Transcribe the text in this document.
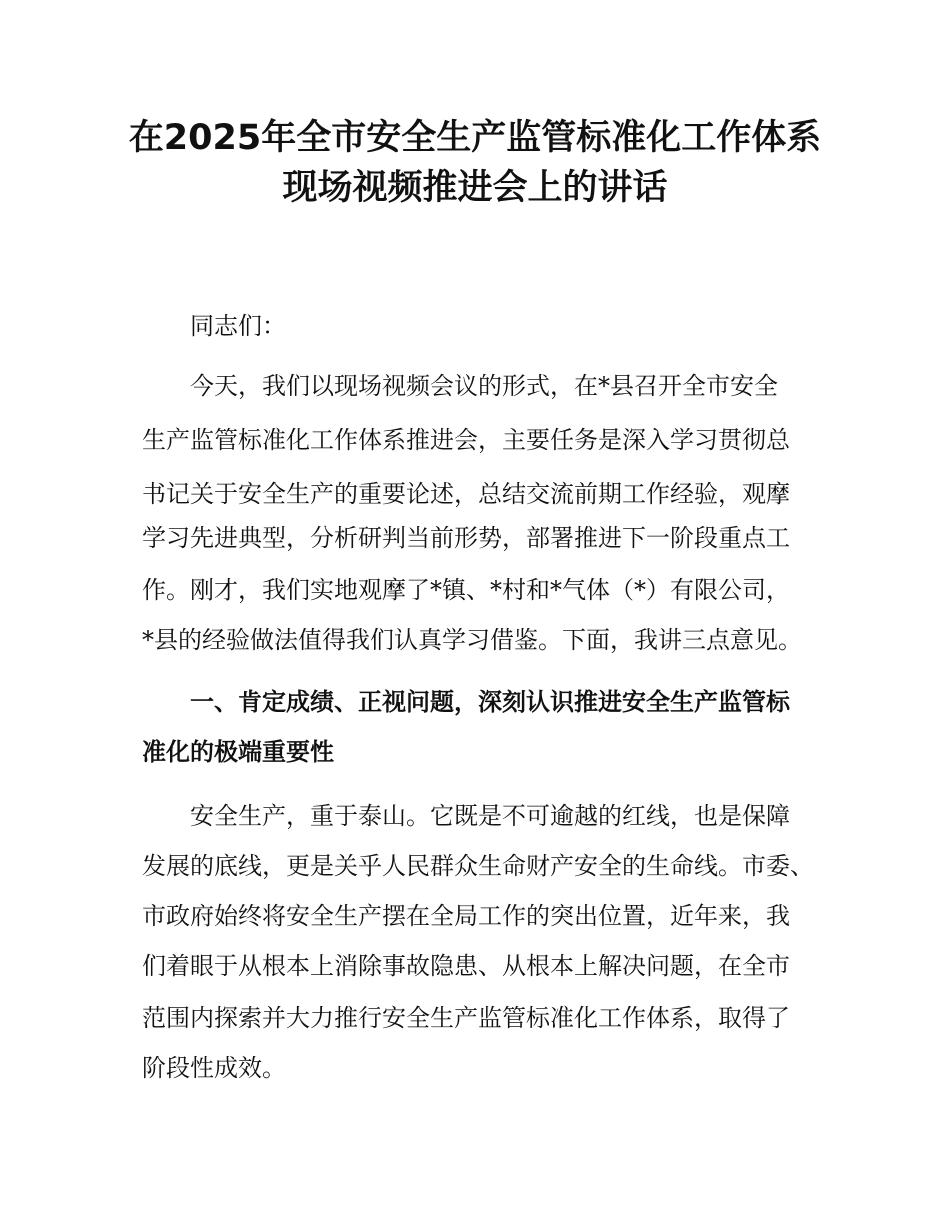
在2025年全市安全生产监管标准化工作体系
现场视频推进会上的讲话

同志们：

今天，我们以现场视频会议的形式，在*县召开全市安全

生产监管标准化工作体系推进会，主要任务是深入学习贯彻总

书记关于安全生产的重要论述，总结交流前期工作经验，观摩

学习先进典型，分析研判当前形势，部署推进下一阶段重点工

作。刚才，我们实地观摩了*镇、*村和*气体（*）有限公司，

*县的经验做法值得我们认真学习借鉴。下面，我讲三点意见。

一、肯定成绩、正视问题，深刻认识推进安全生产监管标

准化的极端重要性

安全生产，重于泰山。它既是不可逾越的红线，也是保障

发展的底线，更是关乎人民群众生命财产安全的生命线。市委、

市政府始终将安全生产摆在全局工作的突出位置，近年来，我

们着眼于从根本上消除事故隐患、从根本上解决问题，在全市

范围内探索并大力推行安全生产监管标准化工作体系，取得了

阶段性成效。
